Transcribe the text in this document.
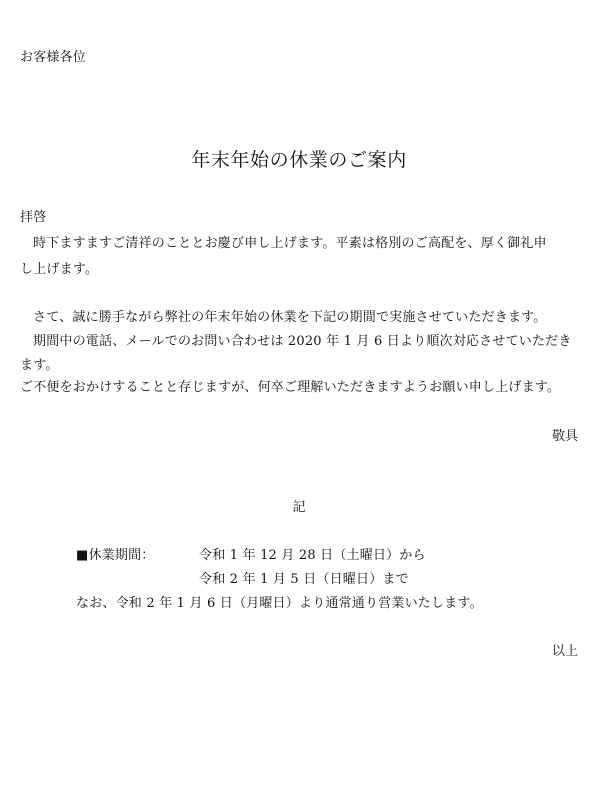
お客様各位
年末年始の休業のご案内
拝啓
時下ますますご清祥のこととお慶び申し上げます。平素は格別のご高配を、厚く御礼申
し上げます。
さて、誠に勝手ながら弊社の年末年始の休業を下記の期間で実施させていただきます。
期間中の電話、メールでのお問い合わせは 2020 年 1 月 6 日より順次対応させていただき
ます。
ご不便をおかけすることと存じますが、何卒ご理解いただきますようお願い申し上げます。
敬具
記
■休業期間：	令和 1 年 12 月 28 日（土曜日）から
令和 2 年 1 月 5 日（日曜日）まで
なお、令和 2 年 1 月 6 日（月曜日）より通常通り営業いたします。
以上
